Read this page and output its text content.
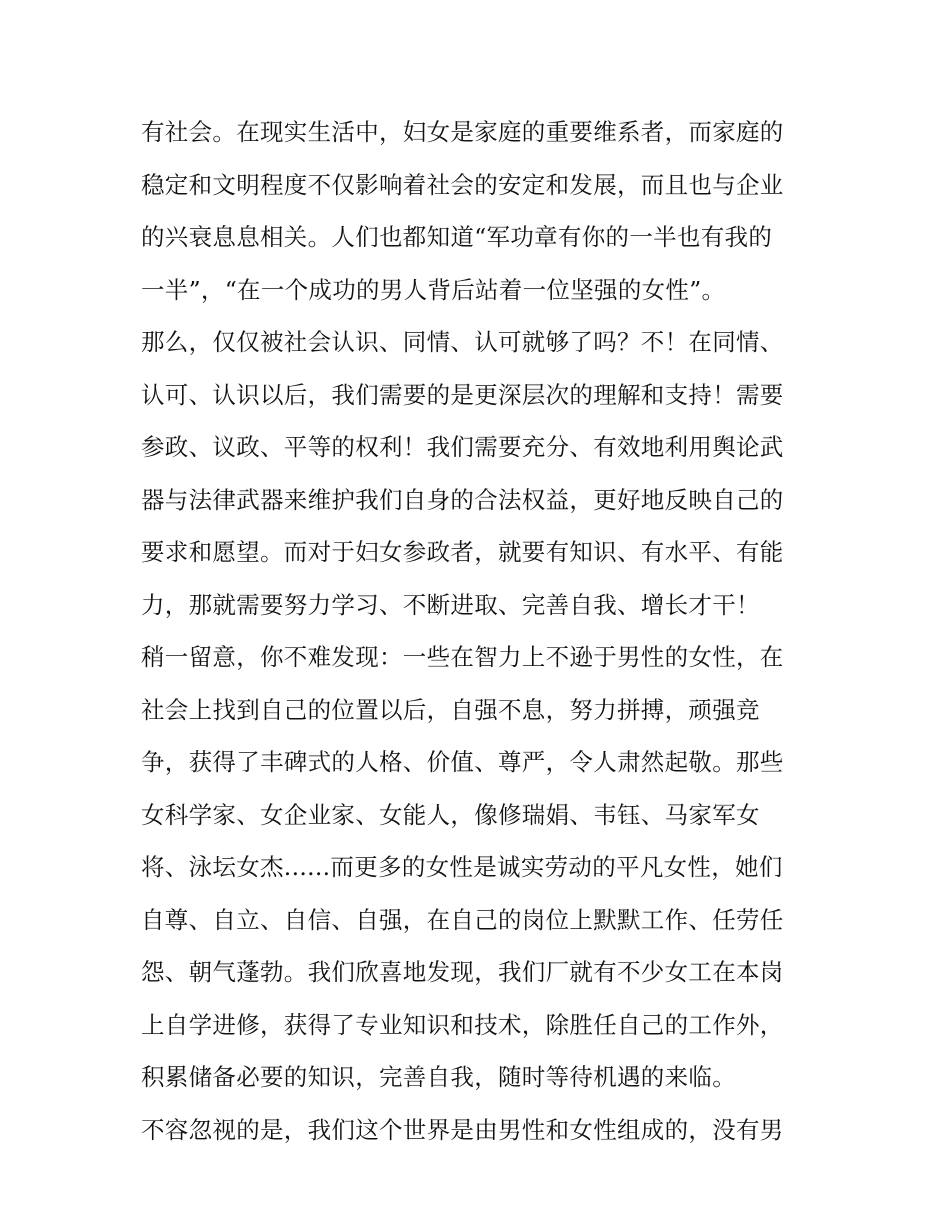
有社会。在现实生活中，妇女是家庭的重要维系者，而家庭的
稳定和文明程度不仅影响着社会的安定和发展，而且也与企业
的兴衰息息相关。人们也都知道“军功章有你的一半也有我的
一半”，“在一个成功的男人背后站着一位坚强的女性”。
那么，仅仅被社会认识、同情、认可就够了吗？不！在同情、
认可、认识以后，我们需要的是更深层次的理解和支持！需要
参政、议政、平等的权利！我们需要充分、有效地利用舆论武
器与法律武器来维护我们自身的合法权益，更好地反映自己的
要求和愿望。而对于妇女参政者，就要有知识、有水平、有能
力，那就需要努力学习、不断进取、完善自我、增长才干！
稍一留意，你不难发现：一些在智力上不逊于男性的女性，在
社会上找到自己的位置以后，自强不息，努力拼搏，顽强竞
争，获得了丰碑式的人格、价值、尊严，令人肃然起敬。那些
女科学家、女企业家、女能人，像修瑞娟、韦钰、马家军女
将、泳坛女杰......而更多的女性是诚实劳动的平凡女性，她们
自尊、自立、自信、自强，在自己的岗位上默默工作、任劳任
怨、朝气蓬勃。我们欣喜地发现，我们厂就有不少女工在本岗
上自学进修，获得了专业知识和技术，除胜任自己的工作外，
积累储备必要的知识，完善自我，随时等待机遇的来临。
不容忽视的是，我们这个世界是由男性和女性组成的，没有男
